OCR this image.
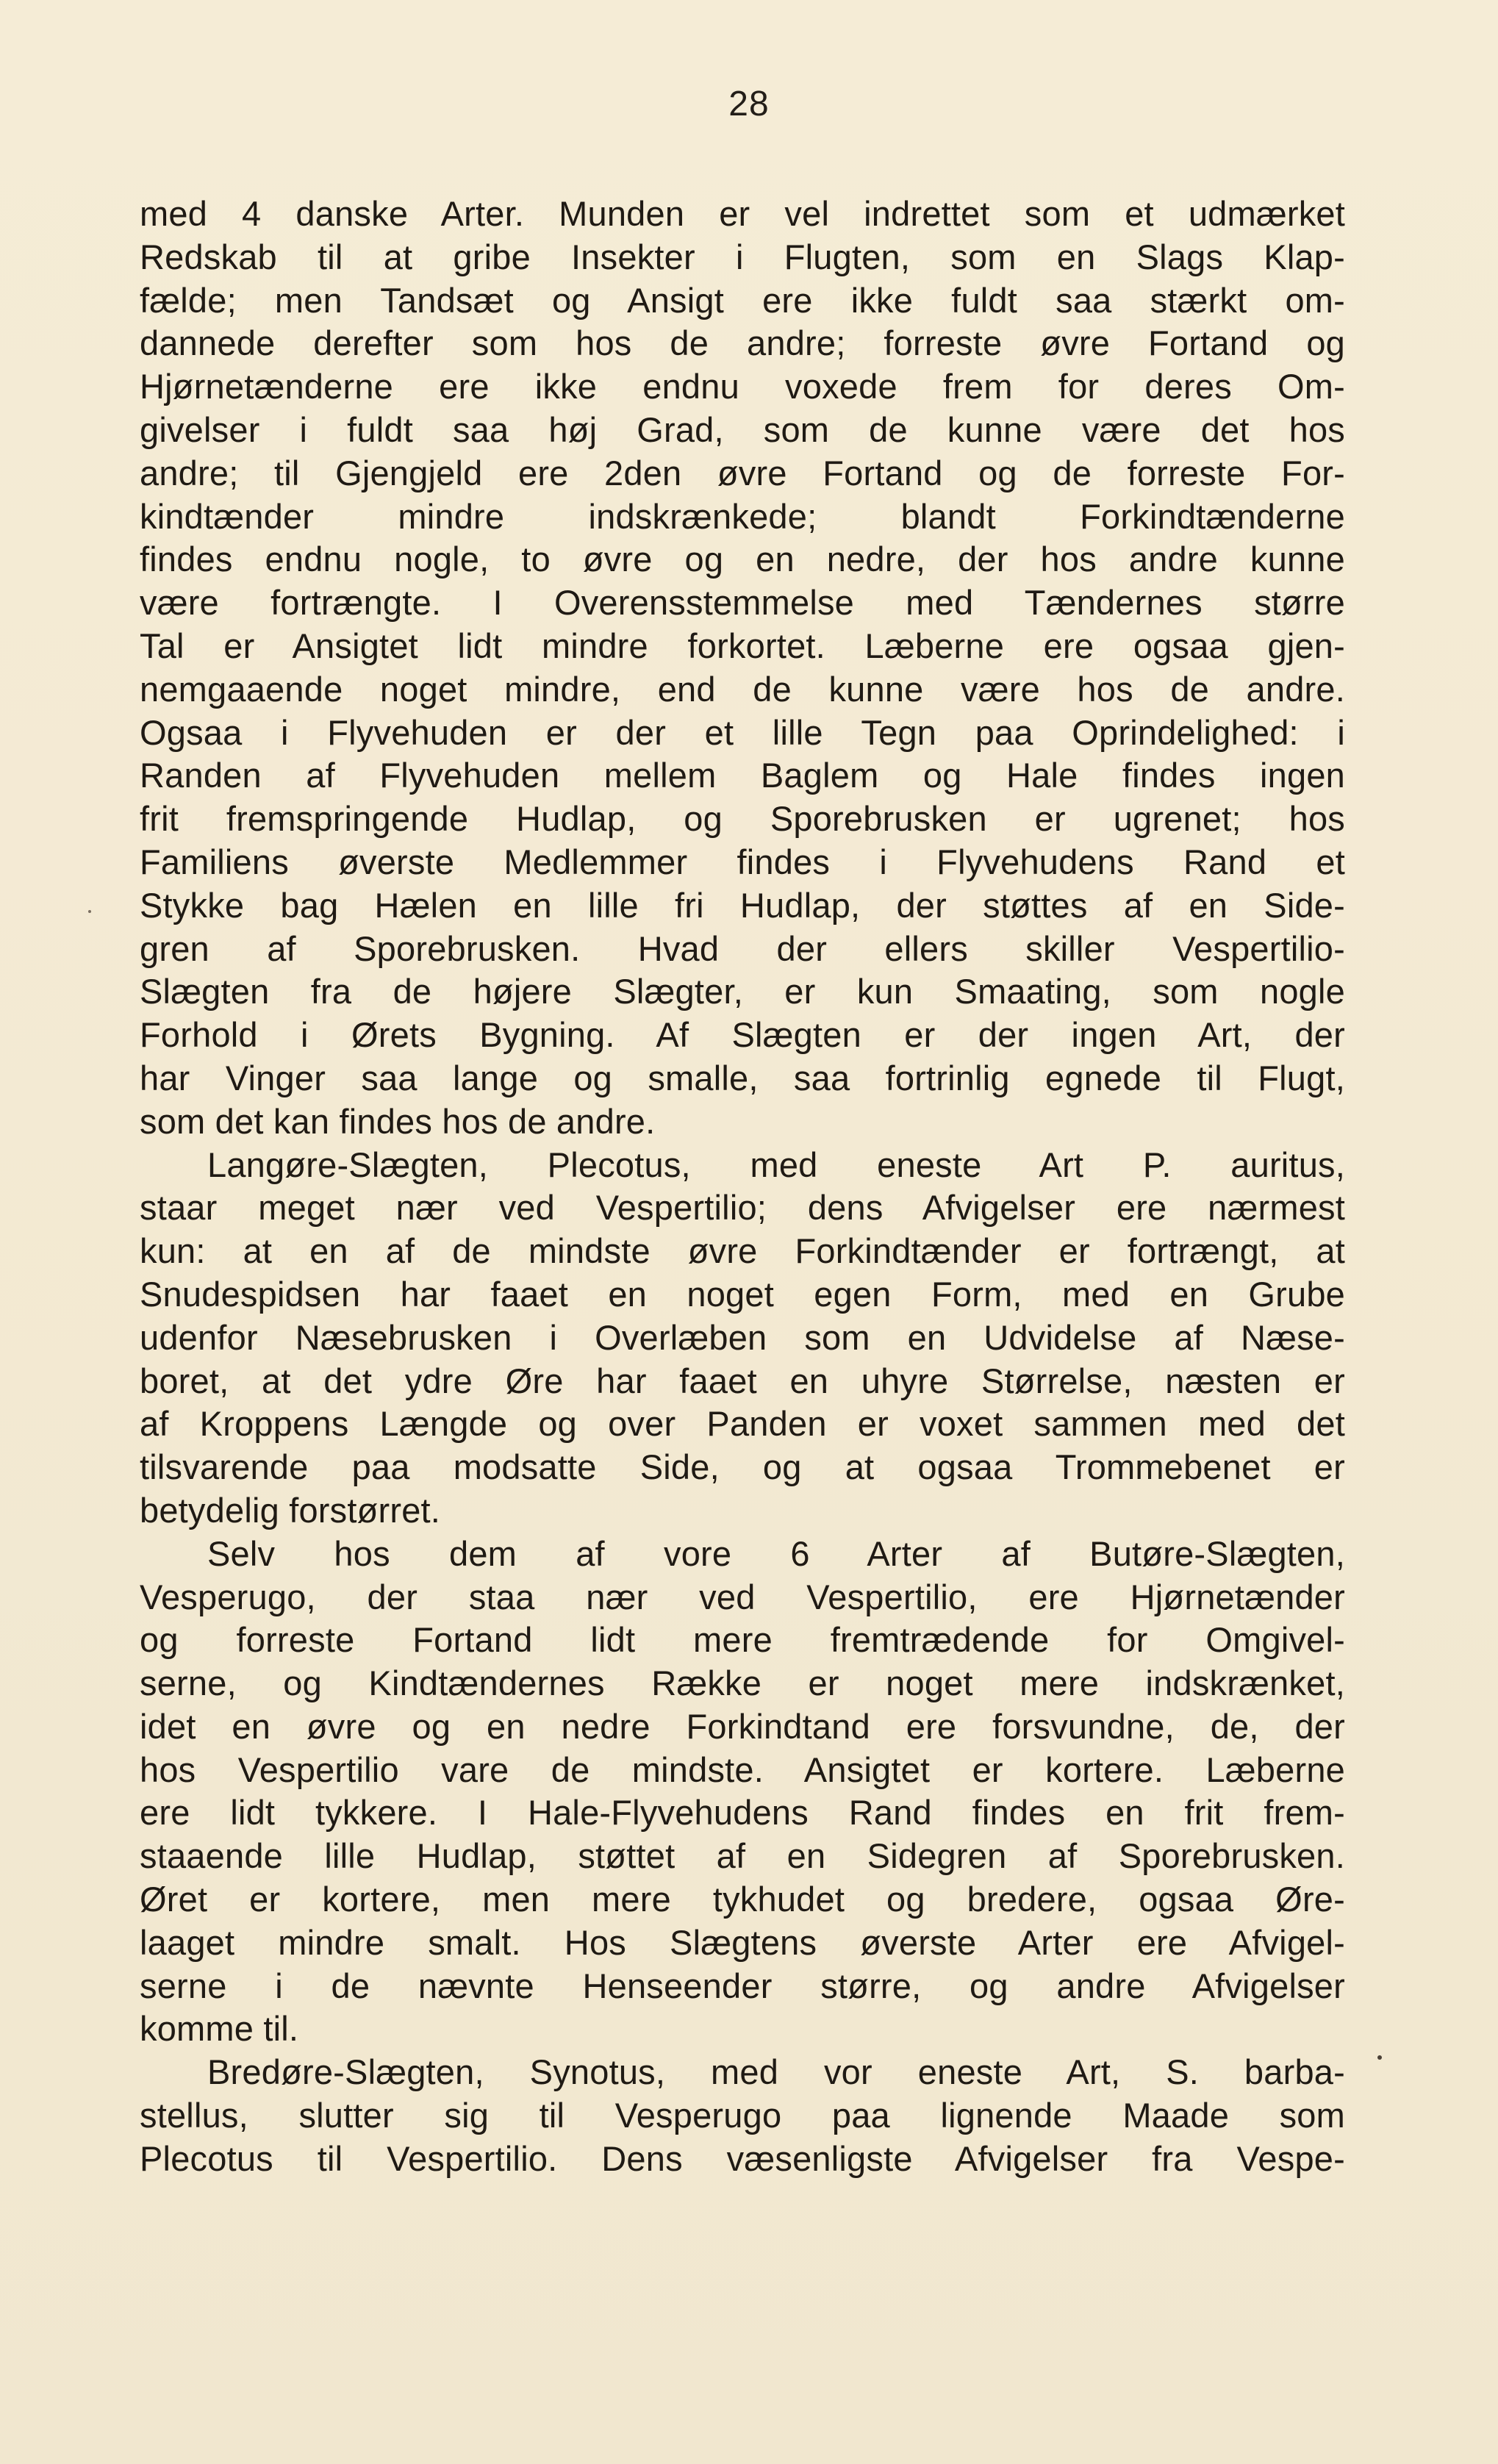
28
med 4 danske Arter. Munden er vel indrettet som et udmærket
Redskab til at gribe Insekter i Flugten, som en Slags Klap-
fælde; men Tandsæt og Ansigt ere ikke fuldt saa stærkt om-
dannede derefter som hos de andre; forreste øvre Fortand og
Hjørnetænderne ere ikke endnu voxede frem for deres Om-
givelser i fuldt saa høj Grad, som de kunne være det hos
andre; til Gjengjeld ere 2den øvre Fortand og de forreste For-
kindtænder mindre indskrænkede; blandt Forkindtænderne
findes endnu nogle, to øvre og en nedre, der hos andre kunne
være fortrængte. I Overensstemmelse med Tændernes større
Tal er Ansigtet lidt mindre forkortet. Læberne ere ogsaa gjen-
nemgaaende noget mindre, end de kunne være hos de andre.
Ogsaa i Flyvehuden er der et lille Tegn paa Oprindelighed: i
Randen af Flyvehuden mellem Baglem og Hale findes ingen
frit fremspringende Hudlap, og Sporebrusken er ugrenet; hos
Familiens øverste Medlemmer findes i Flyvehudens Rand et
Stykke bag Hælen en lille fri Hudlap, der støttes af en Side-
gren af Sporebrusken. Hvad der ellers skiller Vespertilio-
Slægten fra de højere Slægter, er kun Smaating, som nogle
Forhold i Ørets Bygning. Af Slægten er der ingen Art, der
har Vinger saa lange og smalle, saa fortrinlig egnede til Flugt,
som det kan findes hos de andre.
Langøre-Slægten, Plecotus, med eneste Art P. auritus,
staar meget nær ved Vespertilio; dens Afvigelser ere nærmest
kun: at en af de mindste øvre Forkindtænder er fortrængt, at
Snudespidsen har faaet en noget egen Form, med en Grube
udenfor Næsebrusken i Overlæben som en Udvidelse af Næse-
boret, at det ydre Øre har faaet en uhyre Størrelse, næsten er
af Kroppens Længde og over Panden er voxet sammen med det
tilsvarende paa modsatte Side, og at ogsaa Trommebenet er
betydelig forstørret.
Selv hos dem af vore 6 Arter af Butøre-Slægten,
Vesperugo, der staa nær ved Vespertilio, ere Hjørnetænder
og forreste Fortand lidt mere fremtrædende for Omgivel-
serne, og Kindtændernes Række er noget mere indskrænket,
idet en øvre og en nedre Forkindtand ere forsvundne, de, der
hos Vespertilio vare de mindste. Ansigtet er kortere. Læberne
ere lidt tykkere. I Hale-Flyvehudens Rand findes en frit frem-
staaende lille Hudlap, støttet af en Sidegren af Sporebrusken.
Øret er kortere, men mere tykhudet og bredere, ogsaa Øre-
laaget mindre smalt. Hos Slægtens øverste Arter ere Afvigel-
serne i de nævnte Henseender større, og andre Afvigelser
komme til.
Bredøre-Slægten, Synotus, med vor eneste Art, S. barba-
stellus, slutter sig til Vesperugo paa lignende Maade som
Plecotus til Vespertilio. Dens væsenligste Afvigelser fra Vespe-
